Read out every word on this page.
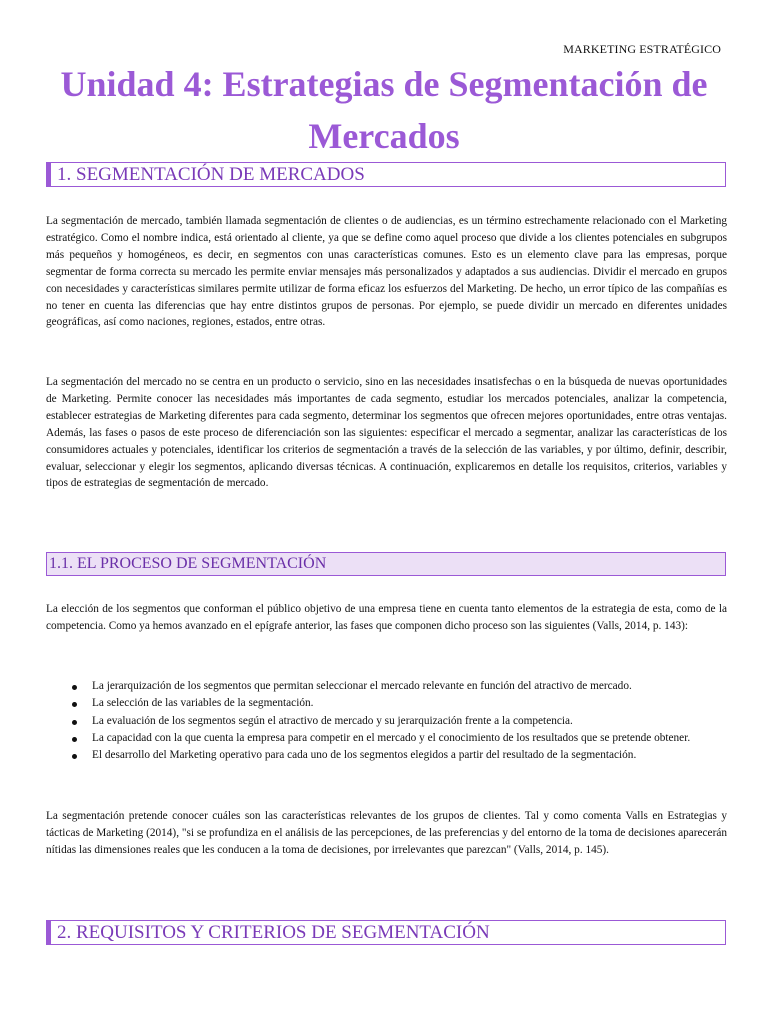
MARKETING ESTRATÉGICO
Unidad 4: Estrategias de Segmentación de
Mercados
1. SEGMENTACIÓN DE MERCADOS

La segmentación de mercado, también llamada segmentación de clientes o de audiencias, es un término estrechamente relacionado con el Marketing estratégico. Como el nombre indica, está orientado al cliente, ya que se define como aquel proceso que divide a los clientes potenciales en subgrupos más pequeños y homogéneos, es decir, en segmentos con unas características comunes. Esto es un elemento clave para las empresas, porque segmentar de forma correcta su mercado les permite enviar mensajes más personalizados y adaptados a sus audiencias. Dividir el mercado en grupos con necesidades y características similares permite utilizar de forma eficaz los esfuerzos del Marketing. De hecho, un error típico de las compañías es no tener en cuenta las diferencias que hay entre distintos grupos de personas. Por ejemplo, se puede dividir un mercado en diferentes unidades geográficas, así como naciones, regiones, estados, entre otras.

La segmentación del mercado no se centra en un producto o servicio, sino en las necesidades insatisfechas o en la búsqueda de nuevas oportunidades de Marketing. Permite conocer las necesidades más importantes de cada segmento, estudiar los mercados potenciales, analizar la competencia, establecer estrategias de Marketing diferentes para cada segmento, determinar los segmentos que ofrecen mejores oportunidades, entre otras ventajas. Además, las fases o pasos de este proceso de diferenciación son las siguientes: especificar el mercado a segmentar, analizar las características de los consumidores actuales y potenciales, identificar los criterios de segmentación a través de la selección de las variables, y por último, definir, describir, evaluar, seleccionar y elegir los segmentos, aplicando diversas técnicas. A continuación, explicaremos en detalle los requisitos, criterios, variables y tipos de estrategias de segmentación de mercado.

1.1. EL PROCESO DE SEGMENTACIÓN

La elección de los segmentos que conforman el público objetivo de una empresa tiene en cuenta tanto elementos de la estrategia de esta, como de la competencia. Como ya hemos avanzado en el epígrafe anterior, las fases que componen dicho proceso son las siguientes (Valls, 2014, p. 143):

La jerarquización de los segmentos que permitan seleccionar el mercado relevante en función del atractivo de mercado.
La selección de las variables de la segmentación.
La evaluación de los segmentos según el atractivo de mercado y su jerarquización frente a la competencia.
La capacidad con la que cuenta la empresa para competir en el mercado y el conocimiento de los resultados que se pretende obtener.
El desarrollo del Marketing operativo para cada uno de los segmentos elegidos a partir del resultado de la segmentación.

La segmentación pretende conocer cuáles son las características relevantes de los grupos de clientes. Tal y como comenta Valls en Estrategias y tácticas de Marketing (2014), "si se profundiza en el análisis de las percepciones, de las preferencias y del entorno de la toma de decisiones aparecerán nítidas las dimensiones reales que les conducen a la toma de decisiones, por irrelevantes que parezcan" (Valls, 2014, p. 145).

2. REQUISITOS Y CRITERIOS DE SEGMENTACIÓN
